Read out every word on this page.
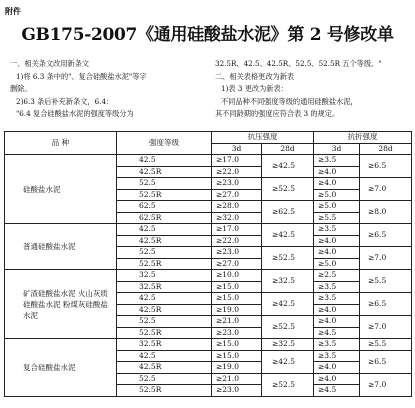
附件
GB175-2007《通用硅酸盐水泥》第 2 号修改单

一、相关条文改用新条文

1)将 6.3 条中的"、复合硅酸盐水泥"等字

删除。

2)6.3 条后补充新条文，6.4：

"6.4 复合硅酸盐水泥的强度等级分为

32.5R、42.5、42.5R、52.5、52.5R 五个等级。"

二、相关表格更改为新表

1)表 3 更改为新表：

不同品种不同强度等级的通用硅酸盐水泥，

其不同龄期的强度应符合表 3 的规定。

品 种	强度等级	抗压强度		抗折强度	
		3d	28d	3d	28d
硅酸盐水泥	42.5	≥17.0	≥42.5	≥3.5	≥6.5
	42.5R	≥22.0		≥4.0	
	52.5	≥23.0	≥52.5	≥4.0	≥7.0
	52.5R	≥27.0		≥5.0	
	62.5	≥28.0	≥62.5	≥5.0	≥8.0
	62.5R	≥32.0		≥5.5	
普通硅酸盐水泥	42.5	≥17.0	≥42.5	≥3.5	≥6.5
	42.5R	≥22.0		≥4.0	
	52.5	≥23.0	≥52.5	≥4.0	≥7.0
	52.5R	≥27.0		≥5.0	
矿渣硅酸盐水泥 火山灰质硅酸盐水泥 粉煤灰硅酸盐水泥	32.5	≥10.0	≥32.5	≥2.5	≥5.5
	32.5R	≥15.0		≥3.5	
	42.5	≥15.0	≥42.5	≥3.5	≥6.5
	42.5R	≥19.0		≥4.0	
	52.5	≥21.0	≥52.5	≥4.0	≥7.0
	52.5R	≥23.0		≥4.5	
复合硅酸盐水泥	32.5R	≥15.0	≥32.5	≥3.5	≥5.5
	42.5	≥15.0	≥42.5	≥3.5	≥6.5
	42.5R	≥19.0		≥4.0	
	52.5	≥21.0	≥52.5	≥4.0	≥7.0
	52.5R	≥23.0		≥4.5	
